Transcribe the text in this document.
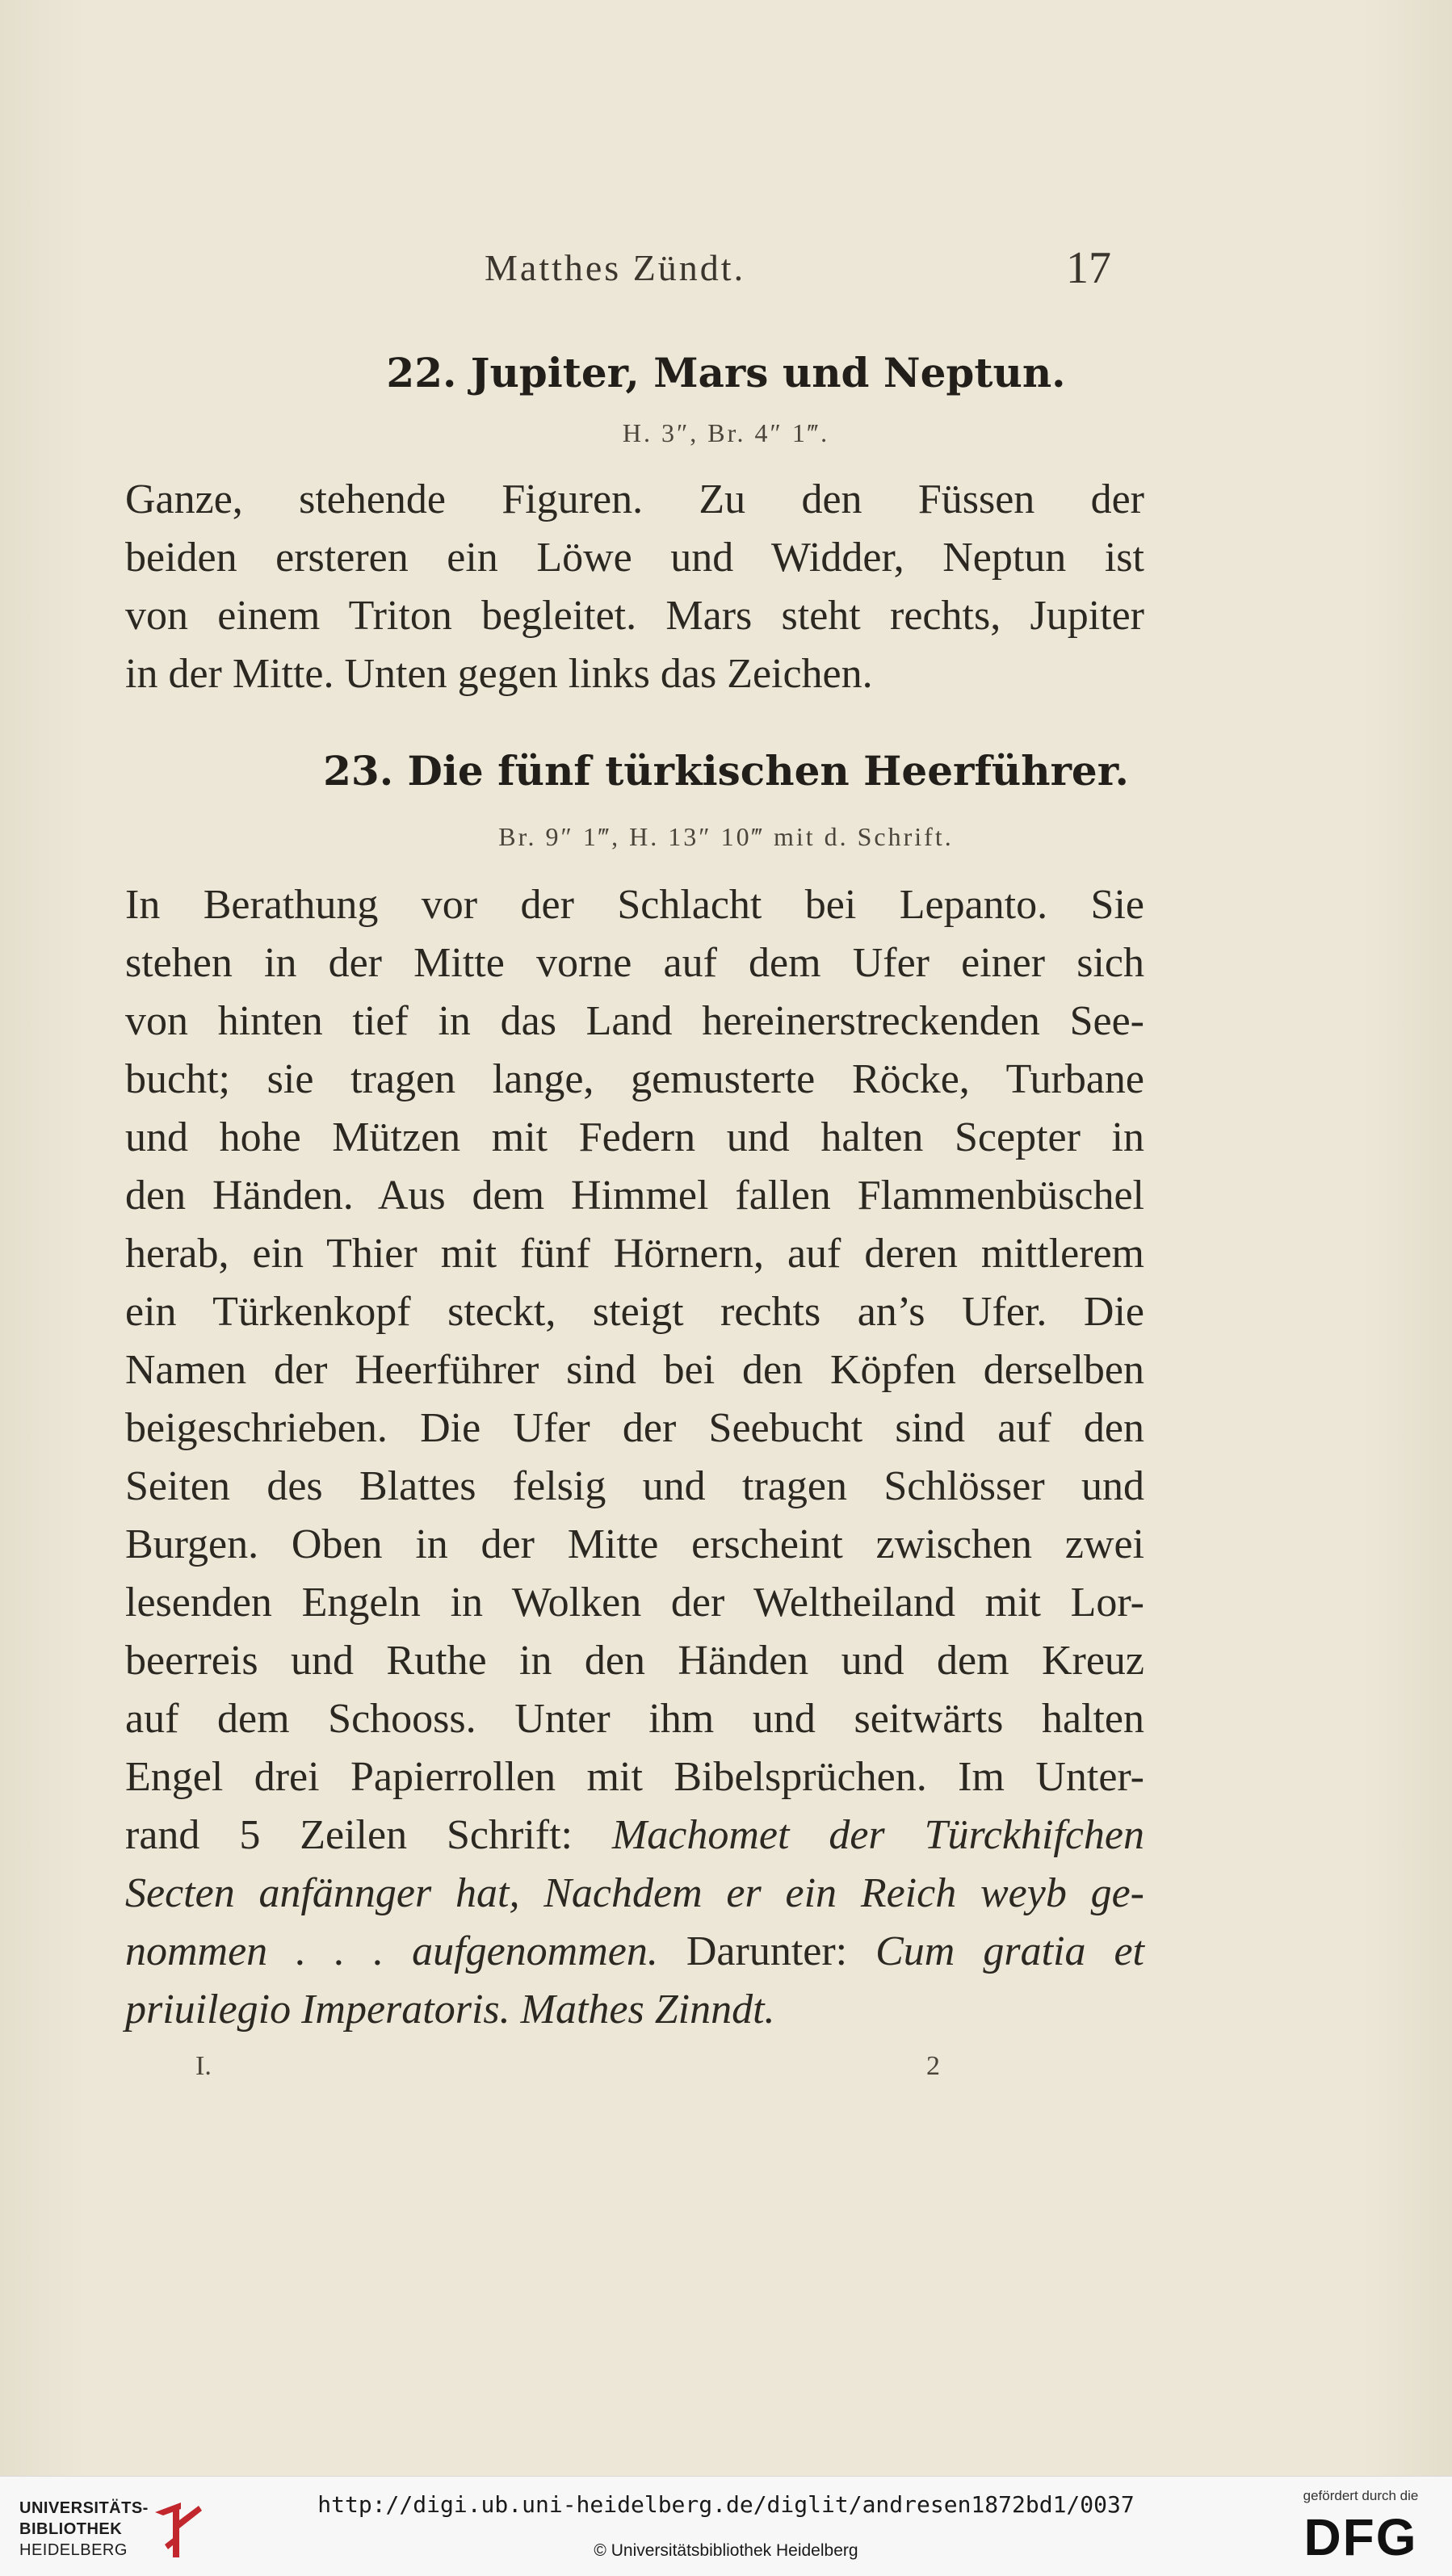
Matthes Zündt.	17
22. Jupiter, Mars und Neptun.
H. 3″, Br. 4″ 1‴.
Ganze, stehende Figuren. Zu den Füssen der
beiden ersteren ein Löwe und Widder, Neptun ist
von einem Triton begleitet. Mars steht rechts, Jupiter
in der Mitte. Unten gegen links das Zeichen.
23. Die fünf türkischen Heerführer.
Br. 9″ 1‴, H. 13″ 10‴ mit d. Schrift.
In Berathung vor der Schlacht bei Lepanto. Sie
stehen in der Mitte vorne auf dem Ufer einer sich
von hinten tief in das Land hereinerstreckenden See-
bucht; sie tragen lange, gemusterte Röcke, Turbane
und hohe Mützen mit Federn und halten Scepter in
den Händen. Aus dem Himmel fallen Flammenbüschel
herab, ein Thier mit fünf Hörnern, auf deren mittlerem
ein Türkenkopf steckt, steigt rechts an’s Ufer. Die
Namen der Heerführer sind bei den Köpfen derselben
beigeschrieben. Die Ufer der Seebucht sind auf den
Seiten des Blattes felsig und tragen Schlösser und
Burgen. Oben in der Mitte erscheint zwischen zwei
lesenden Engeln in Wolken der Weltheiland mit Lor-
beerreis und Ruthe in den Händen und dem Kreuz
auf dem Schooss. Unter ihm und seitwärts halten
Engel drei Papierrollen mit Bibelsprüchen. Im Unter-
rand 5 Zeilen Schrift: Machomet der Türckhifchen
Secten anfännger hat, Nachdem er ein Reich weyb ge-
nommen . . . aufgenommen. Darunter: Cum gratia et
priuilegio Imperatoris. Mathes Zinndt.
I.	2
UNIVERSITÄTS-
BIBLIOTHEK
HEIDELBERG
http://digi.ub.uni-heidelberg.de/diglit/andresen1872bd1/0037
© Universitätsbibliothek Heidelberg
gefördert durch die
DFG
